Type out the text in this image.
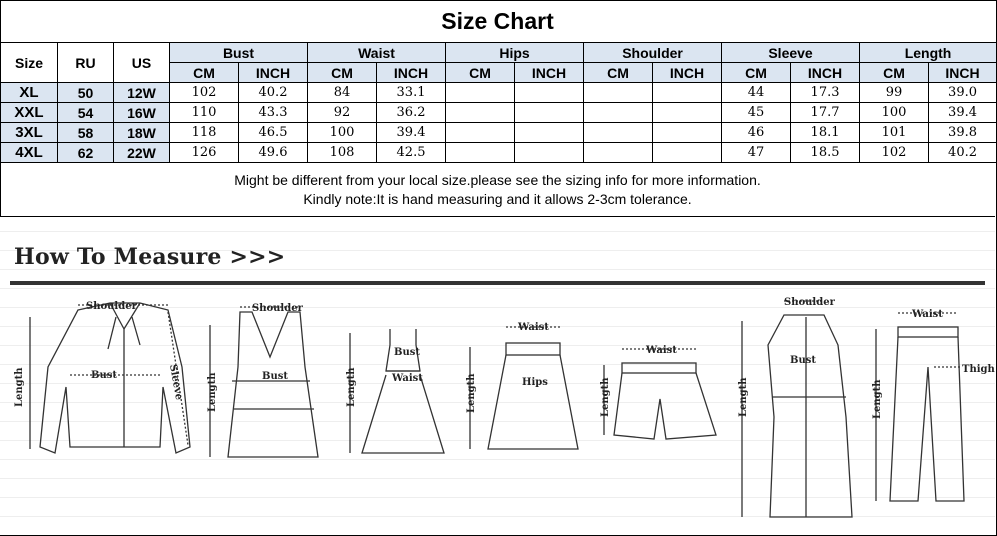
Size Chart
Size	RU	US	Bust		Waist		Hips		Shoulder		Sleeve		Length	
			CM	INCH	CM	INCH	CM	INCH	CM	INCH	CM	INCH	CM	INCH
XL	50	12W	102	40.2	84	33.1					44	17.3	99	39.0
XXL	54	16W	110	43.3	92	36.2					45	17.7	100	39.4
3XL	58	18W	118	46.5	100	39.4					46	18.1	101	39.8
4XL	62	22W	126	49.6	108	42.5					47	18.5	102	40.2

Might be different from your local size.please see the sizing info for more information.

Kindly note:It is hand measuring and it allows 2-3cm tolerance.

How To Measure >>>
Shoulder
Bust
Length	Sleeve
Shoulder
Bust
Length
Bust
Waist
Length
Waist
Hips
Length
Waist
Length
Shoulder
Bust
Length
Waist
Thigh
Length
